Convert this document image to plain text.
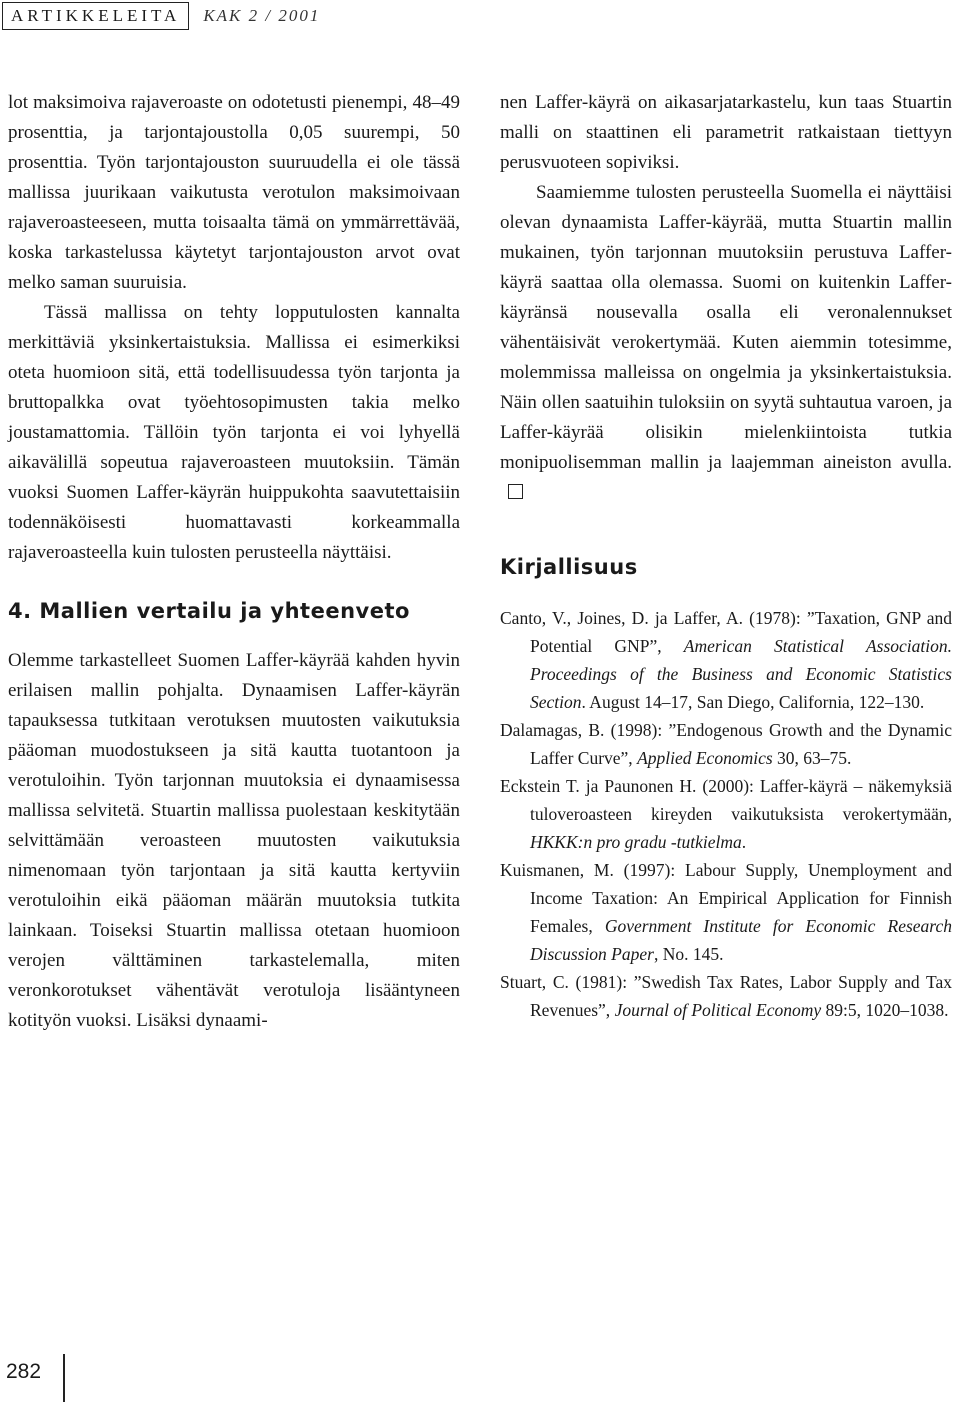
ARTIKKELEITA	KAK 2 / 2001

lot maksimoiva rajaveroaste on odotetusti pienempi, 48–49 prosenttia, ja tarjontajoustolla 0,05 suurempi, 50 prosenttia. Työn tarjontajouston suuruudella ei ole tässä mallissa juurikaan vaikutusta verotulon maksimoivaan rajaveroasteeseen, mutta toisaalta tämä on ymmärrettävää, koska tarkastelussa käytetyt tarjontajouston arvot ovat melko saman suuruisia.

Tässä mallissa on tehty lopputulosten kannalta merkittäviä yksinkertaistuksia. Mallissa ei esimerkiksi oteta huomioon sitä, että todellisuudessa työn tarjonta ja bruttopalkka ovat työehtosopimusten takia melko joustamattomia. Tällöin työn tarjonta ei voi lyhyellä aikavälillä sopeutua rajaveroasteen muutoksiin. Tämän vuoksi Suomen Laffer-käyrän huippukohta saavutettaisiin todennäköisesti huomattavasti korkeammalla rajaveroasteella kuin tulosten perusteella näyttäisi.

4. Mallien vertailu ja yhteenveto

Olemme tarkastelleet Suomen Laffer-käyrää kahden hyvin erilaisen mallin pohjalta. Dynaamisen Laffer-käyrän tapauksessa tutkitaan verotuksen muutosten vaikutuksia pääoman muodostukseen ja sitä kautta tuotantoon ja verotuloihin. Työn tarjonnan muutoksia ei dynaamisessa mallissa selvitetä. Stuartin mallissa puolestaan keskitytään selvittämään veroasteen muutosten vaikutuksia nimenomaan työn tarjontaan ja sitä kautta kertyviin verotuloihin eikä pääoman määrän muutoksia tutkita lainkaan. Toiseksi Stuartin mallissa otetaan huomioon verojen välttäminen tarkastelemalla, miten veronkorotukset vähentävät verotuloja lisääntyneen kotityön vuoksi. Lisäksi dynaami-

nen Laffer-käyrä on aikasarjatarkastelu, kun taas Stuartin malli on staattinen eli parametrit ratkaistaan tiettyyn perusvuoteen sopiviksi.

Saamiemme tulosten perusteella Suomella ei näyttäisi olevan dynaamista Laffer-käyrää, mutta Stuartin mallin mukainen, työn tarjonnan muutoksiin perustuva Laffer-käyrä saattaa olla olemassa. Suomi on kuitenkin Laffer-käyränsä nousevalla osalla eli veronalennukset vähentäisivät verokertymää. Kuten aiemmin totesimme, molemmissa malleissa on ongelmia ja yksinkertaistuksia. Näin ollen saatuihin tuloksiin on syytä suhtautua varoen, ja Laffer-käyrää olisikin mielenkiintoista tutkia monipuolisemman mallin ja laajemman aineiston avulla.

Kirjallisuus

Canto, V., Joines, D. ja Laffer, A. (1978): ”Taxation, GNP and Potential GNP”, American Statistical Association. Proceedings of the Business and Economic Statistics Section. August 14–17, San Diego, California, 122–130.

Dalamagas, B. (1998): ”Endogenous Growth and the Dynamic Laffer Curve”, Applied Economics 30, 63–75.

Eckstein T. ja Paunonen H. (2000): Laffer-käyrä – näkemyksiä tuloveroasteen kireyden vaikutuksista verokertymään, HKKK:n pro gradu -tutkielma.

Kuismanen, M. (1997): Labour Supply, Unemployment and Income Taxation: An Empirical Application for Finnish Females, Government Institute for Economic Research Discussion Paper, No. 145.

Stuart, C. (1981): ”Swedish Tax Rates, Labor Supply and Tax Revenues”, Journal of Political Economy 89:5, 1020–1038.

282
